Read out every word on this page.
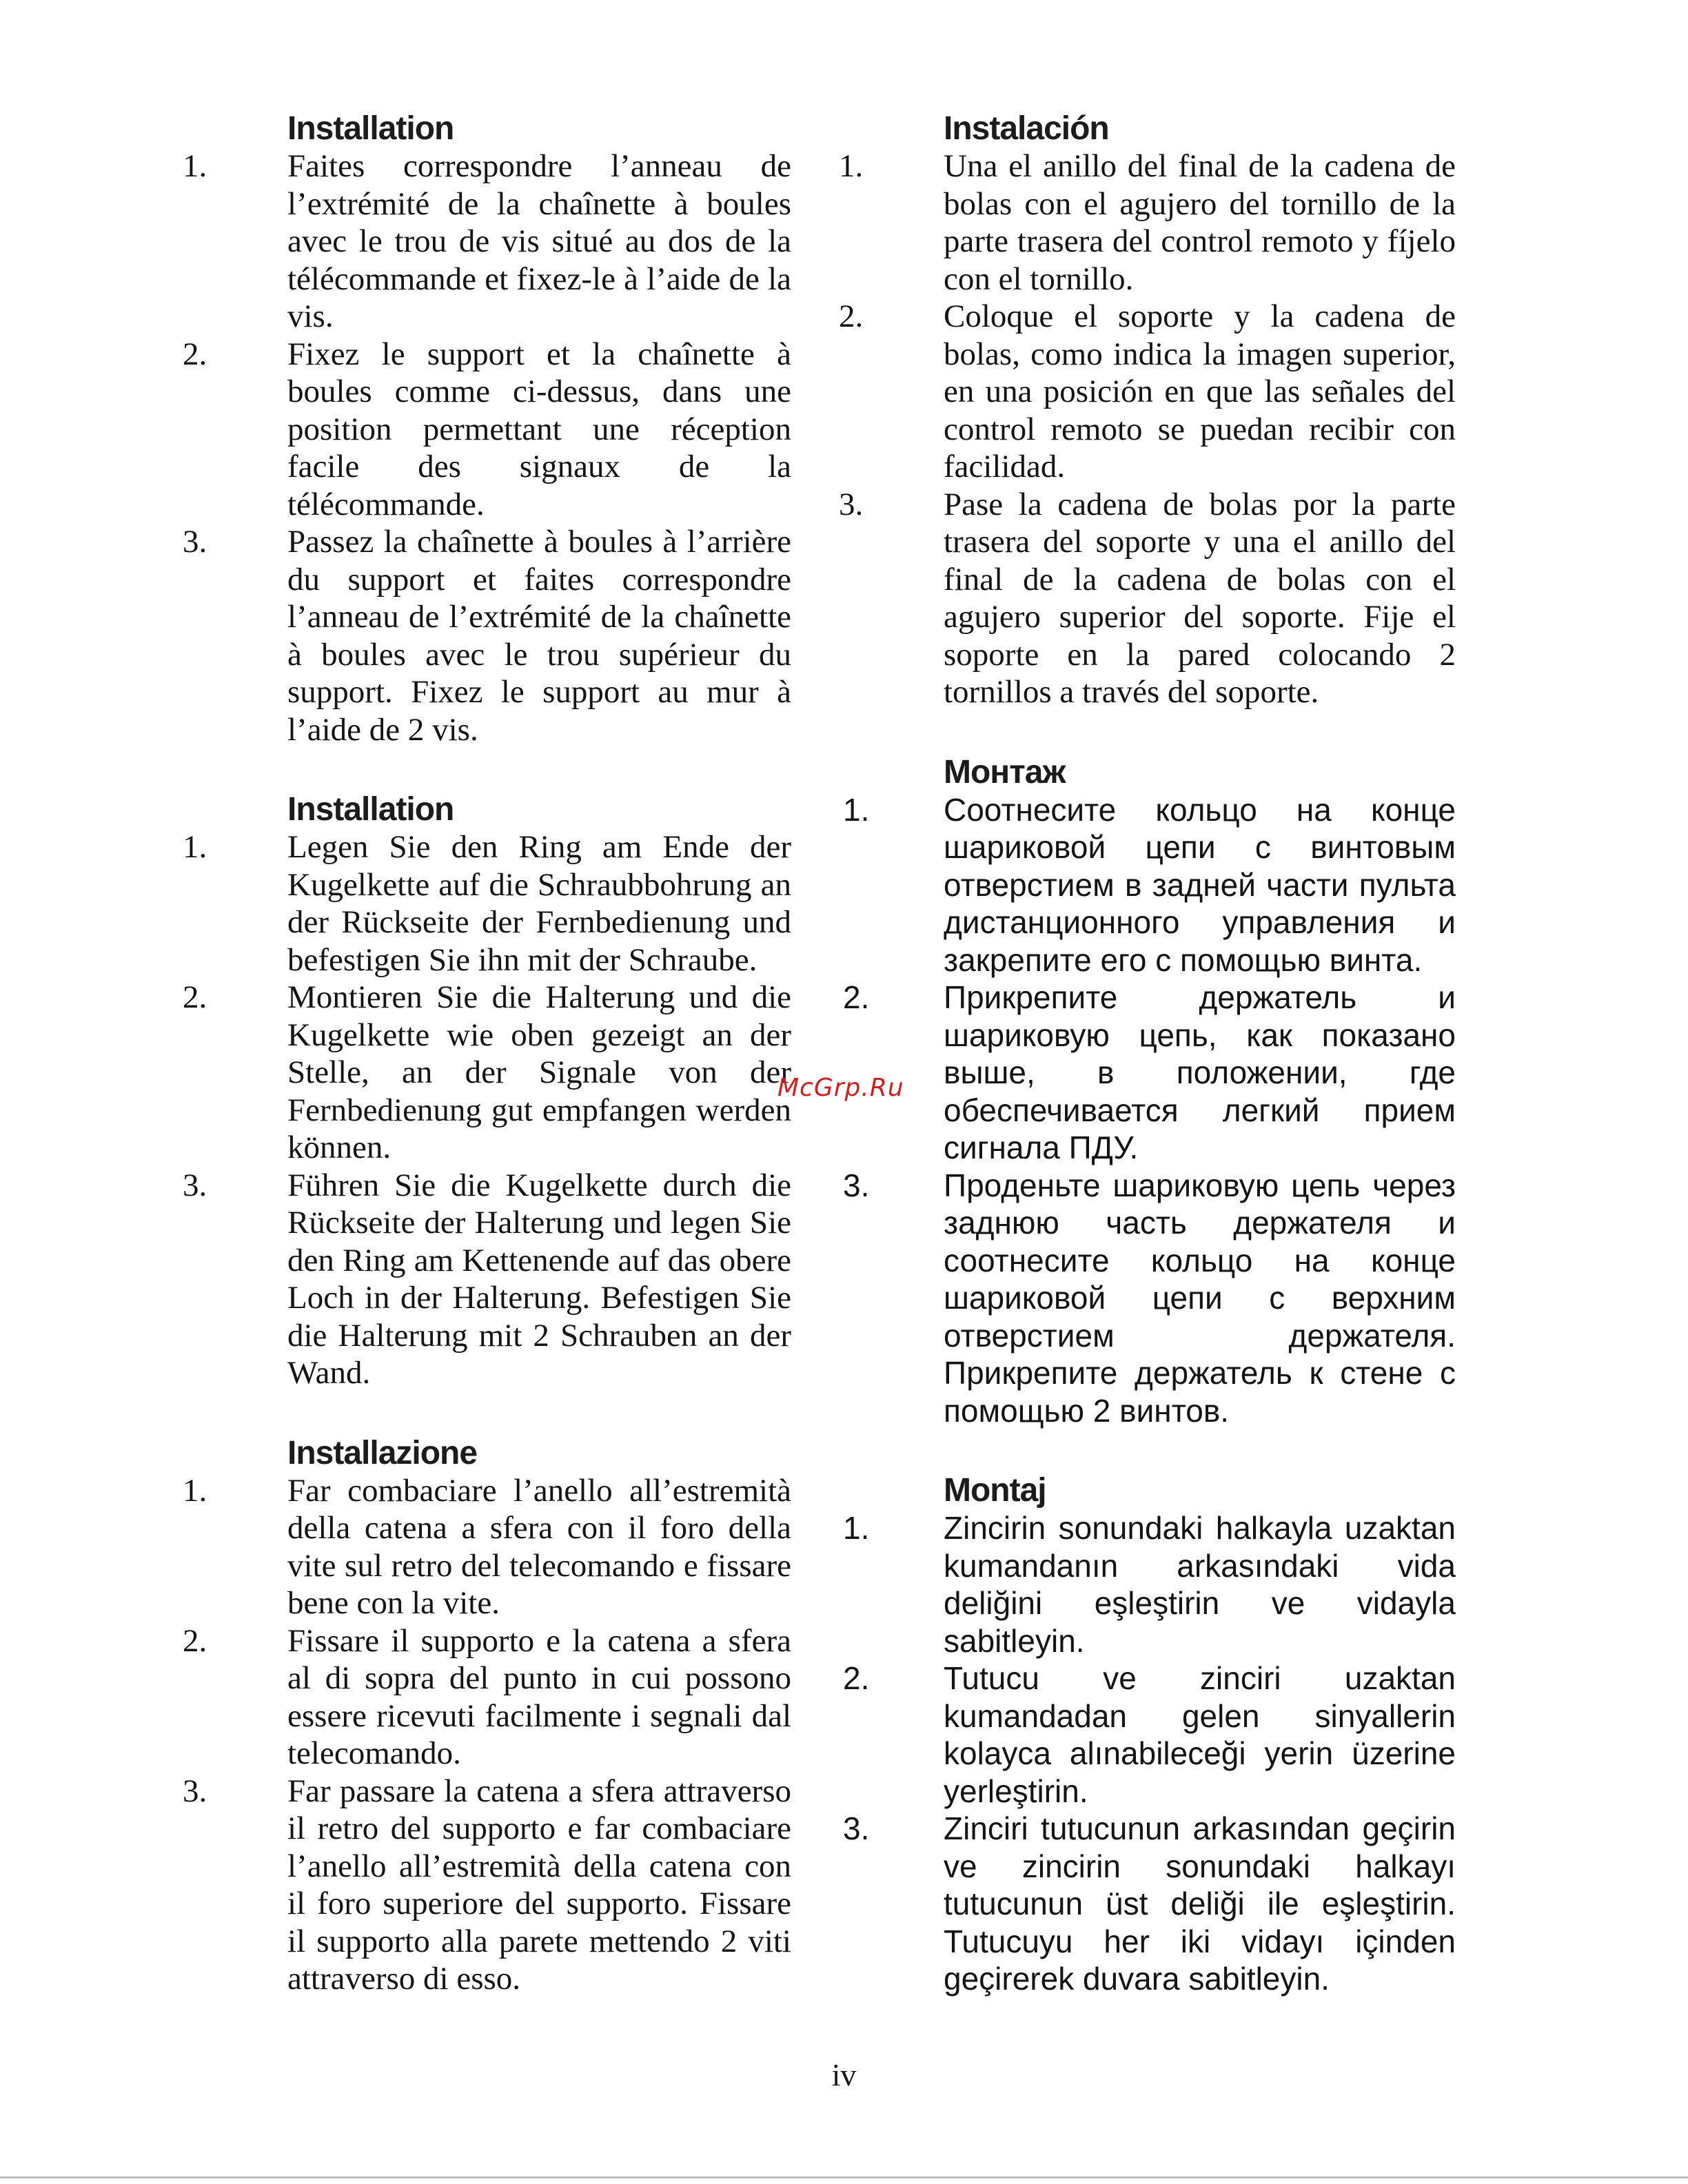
Installation
1.	Faites correspondre l’anneau de l’extrémité de la chaînette à boules avec le trou de vis situé au dos de la télécommande et fixez-le à l’aide de la vis.
2.	Fixez le support et la chaînette à boules comme ci-dessus, dans une position permettant une réception facile des signaux de la télécommande.
3.	Passez la chaînette à boules à l’arrière du support et faites correspondre l’anneau de l’extrémité de la chaînette à boules avec le trou supérieur du support. Fixez le support au mur à l’aide de 2 vis.
Installation
1.	Legen Sie den Ring am Ende der Kugelkette auf die Schraubbohrung an der Rückseite der Fernbedienung und befestigen Sie ihn mit der Schraube.
2.	Montieren Sie die Halterung und die Kugelkette wie oben gezeigt an der Stelle, an der Signale von der Fernbedienung gut empfangen werden können.
3.	Führen Sie die Kugelkette durch die Rückseite der Halterung und legen Sie den Ring am Kettenende auf das obere Loch in der Halterung. Befestigen Sie die Halterung mit 2 Schrauben an der Wand.
Installazione
1.	Far combaciare l’anello all’estremità della catena a sfera con il foro della vite sul retro del telecomando e fissare bene con la vite.
2.	Fissare il supporto e la catena a sfera al di sopra del punto in cui possono essere ricevuti facilmente i segnali dal telecomando.
3.	Far passare la catena a sfera attraverso il retro del supporto e far combaciare l’anello all’estremità della catena con il foro superiore del supporto. Fissare il supporto alla parete mettendo 2 viti attraverso di esso.
Instalación
1.	Una el anillo del final de la cadena de bolas con el agujero del tornillo de la parte trasera del control remoto y fíjelo con el tornillo.
2.	Coloque el soporte y la cadena de bolas, como indica la imagen superior, en una posición en que las señales del control remoto se puedan recibir con facilidad.
3.	Pase la cadena de bolas por la parte trasera del soporte y una el anillo del final de la cadena de bolas con el agujero superior del soporte. Fije el soporte en la pared colocando 2 tornillos a través del soporte.
Монтаж
1.	Соотнесите кольцо на конце шариковой цепи с винтовым отверстием в задней части пульта дистанционного управления и закрепите его с помощью винта.
2.	Прикрепите держатель и шариковую цепь, как показано выше, в положении, где обеспечивается легкий прием сигнала ПДУ.
3.	Проденьте шариковую цепь через заднюю часть держателя и соотнесите кольцо на конце шариковой цепи с верхним отверстием держателя. Прикрепите держатель к стене с помощью 2 винтов.
Montaj
1.	Zincirin sonundaki halkayla uzaktan kumandanın arkasındaki vida deliğini eşleştirin ve vidayla sabitleyin.
2.	Tutucu ve zinciri uzaktan kumandadan gelen sinyallerin kolayca alınabileceği yerin üzerine yerleştirin.
3.	Zinciri tutucunun arkasından geçirin ve zincirin sonundaki halkayı tutucunun üst deliği ile eşleştirin. Tutucuyu her iki vidayı içinden geçirerek duvara sabitleyin.
McGrp.Ru
iv
